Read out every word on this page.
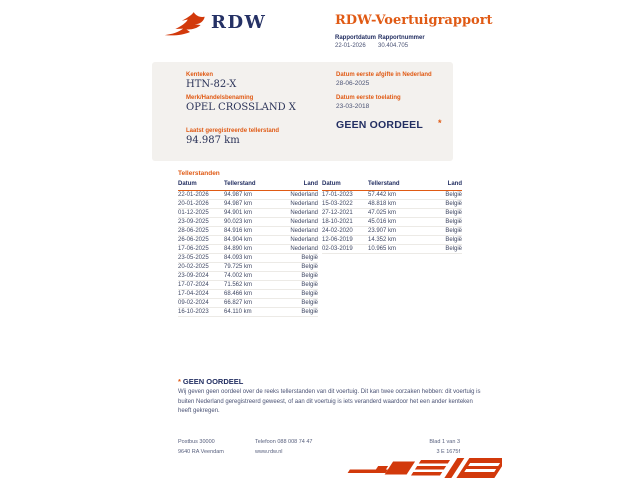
RDW	RDW-Voertuigrapport
Rapportdatum
22-01-2026
Rapportnummer
30.404.705
Kenteken
HTN-82-X
Merk/Handelsbenaming
OPEL CROSSLAND X
Laatst geregistreerde tellerstand
94.987 km
Datum eerste afgifte in Nederland
28-06-2025
Datum eerste toelating
23-03-2018
GEEN OORDEEL *
Tellerstanden
Datum	Tellerstand	Land
22-01-2026	94.987 km	Nederland
20-01-2026	94.987 km	Nederland
01-12-2025	94.901 km	Nederland
23-09-2025	90.023 km	Nederland
28-06-2025	84.916 km	Nederland
26-06-2025	84.904 km	Nederland
17-06-2025	84.890 km	Nederland
23-05-2025	84.093 km	België
20-02-2025	79.725 km	België
23-09-2024	74.002 km	België
17-07-2024	71.562 km	België
17-04-2024	68.466 km	België
09-02-2024	66.827 km	België
16-10-2023	64.110 km	België
Datum	Tellerstand	Land
17-01-2023	57.442 km	België
15-03-2022	48.818 km	België
27-12-2021	47.025 km	België
18-10-2021	45.016 km	België
24-02-2020	23.907 km	België
12-06-2019	14.352 km	België
02-03-2019	10.965 km	België
* GEEN OORDEEL
Wij geven geen oordeel over de reeks tellerstanden van dit voertuig. Dit kan twee oorzaken hebben: dit voertuig is buiten Nederland geregistreerd geweest, of aan dit voertuig is iets veranderd waardoor het een ander kenteken heeft gekregen.
Postbus 30000
9640 RA Veendam
Telefoon 088 008 74 47
www.rdw.nl
Blad 1 van 3
3 E 1675f
